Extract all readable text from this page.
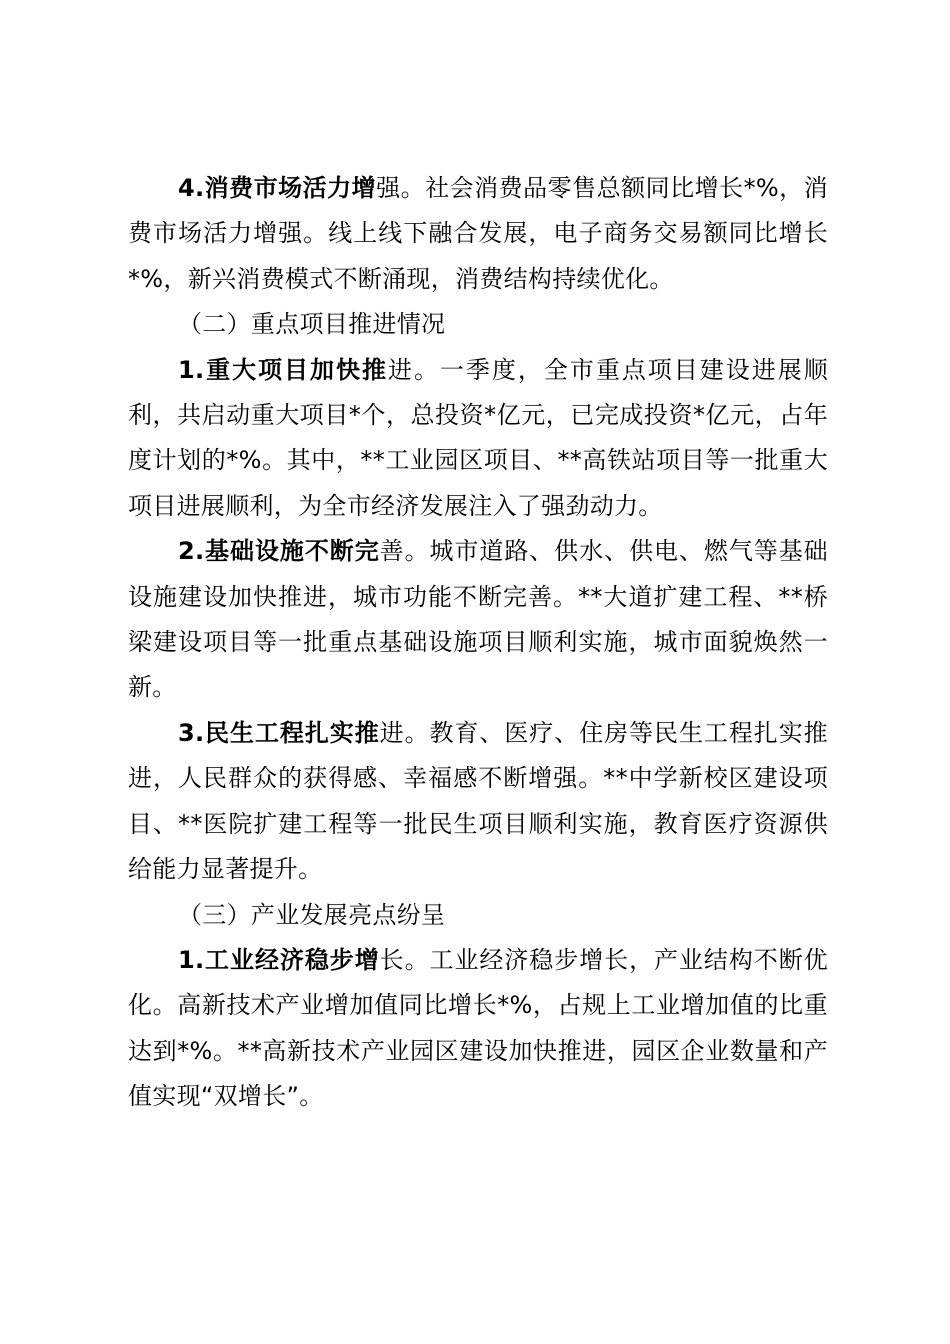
4.消费市场活力增强。社会消费品零售总额同比增长*%，消费市场活力增强。线上线下融合发展，电子商务交易额同比增长*%，新兴消费模式不断涌现，消费结构持续优化。

（二）重点项目推进情况

1.重大项目加快推进。一季度，全市重点项目建设进展顺利，共启动重大项目*个，总投资*亿元，已完成投资*亿元，占年度计划的*%。其中，**工业园区项目、**高铁站项目等一批重大项目进展顺利，为全市经济发展注入了强劲动力。

2.基础设施不断完善。城市道路、供水、供电、燃气等基础设施建设加快推进，城市功能不断完善。**大道扩建工程、**桥梁建设项目等一批重点基础设施项目顺利实施，城市面貌焕然一新。

3.民生工程扎实推进。教育、医疗、住房等民生工程扎实推进，人民群众的获得感、幸福感不断增强。**中学新校区建设项目、**医院扩建工程等一批民生项目顺利实施，教育医疗资源供给能力显著提升。

（三）产业发展亮点纷呈

1.工业经济稳步增长。工业经济稳步增长，产业结构不断优化。高新技术产业增加值同比增长*%，占规上工业增加值的比重达到*%。**高新技术产业园区建设加快推进，园区企业数量和产值实现“双增长”。
